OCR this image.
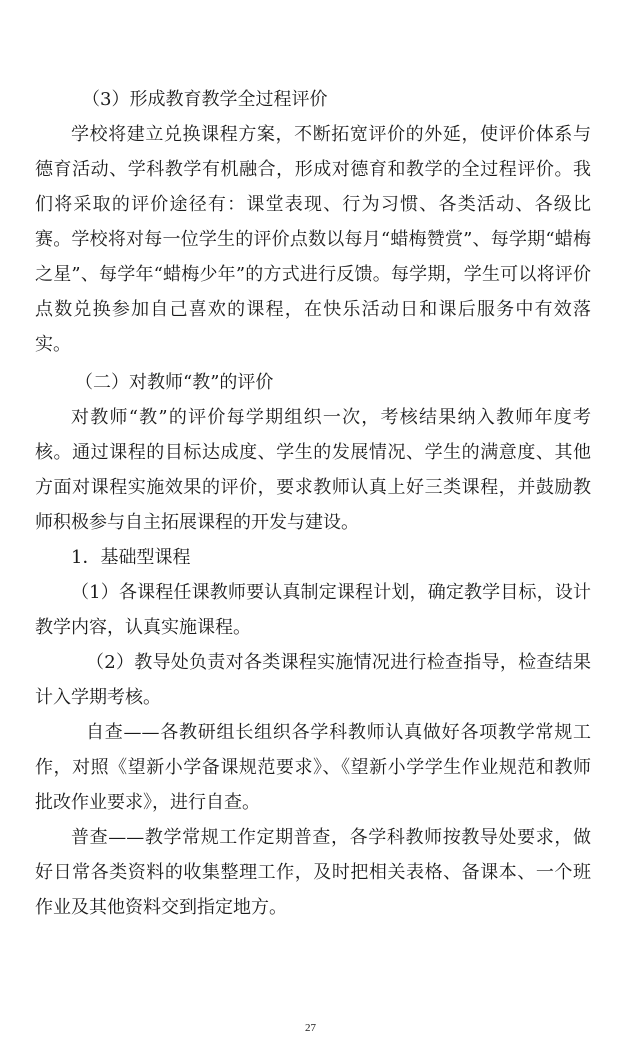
（3）形成教育教学全过程评价

学校将建立兑换课程方案，不断拓宽评价的外延，使评价体系与德育活动、学科教学有机融合，形成对德育和教学的全过程评价。我们将采取的评价途径有：课堂表现、行为习惯、各类活动、各级比赛。学校将对每一位学生的评价点数以每月“蜡梅赞赏”、每学期“蜡梅之星”、每学年“蜡梅少年”的方式进行反馈。每学期，学生可以将评价点数兑换参加自己喜欢的课程，在快乐活动日和课后服务中有效落实。

（二）对教师“教”的评价

对教师“教”的评价每学期组织一次，考核结果纳入教师年度考核。通过课程的目标达成度、学生的发展情况、学生的满意度、其他方面对课程实施效果的评价，要求教师认真上好三类课程，并鼓励教师积极参与自主拓展课程的开发与建设。

1．基础型课程

（1）各课程任课教师要认真制定课程计划，确定教学目标，设计教学内容，认真实施课程。

（2）教导处负责对各类课程实施情况进行检查指导，检查结果计入学期考核。

自查——各教研组长组织各学科教师认真做好各项教学常规工作，对照《望新小学备课规范要求》、《望新小学学生作业规范和教师批改作业要求》，进行自查。

普查——教学常规工作定期普查，各学科教师按教导处要求，做好日常各类资料的收集整理工作，及时把相关表格、备课本、一个班作业及其他资料交到指定地方。

27
